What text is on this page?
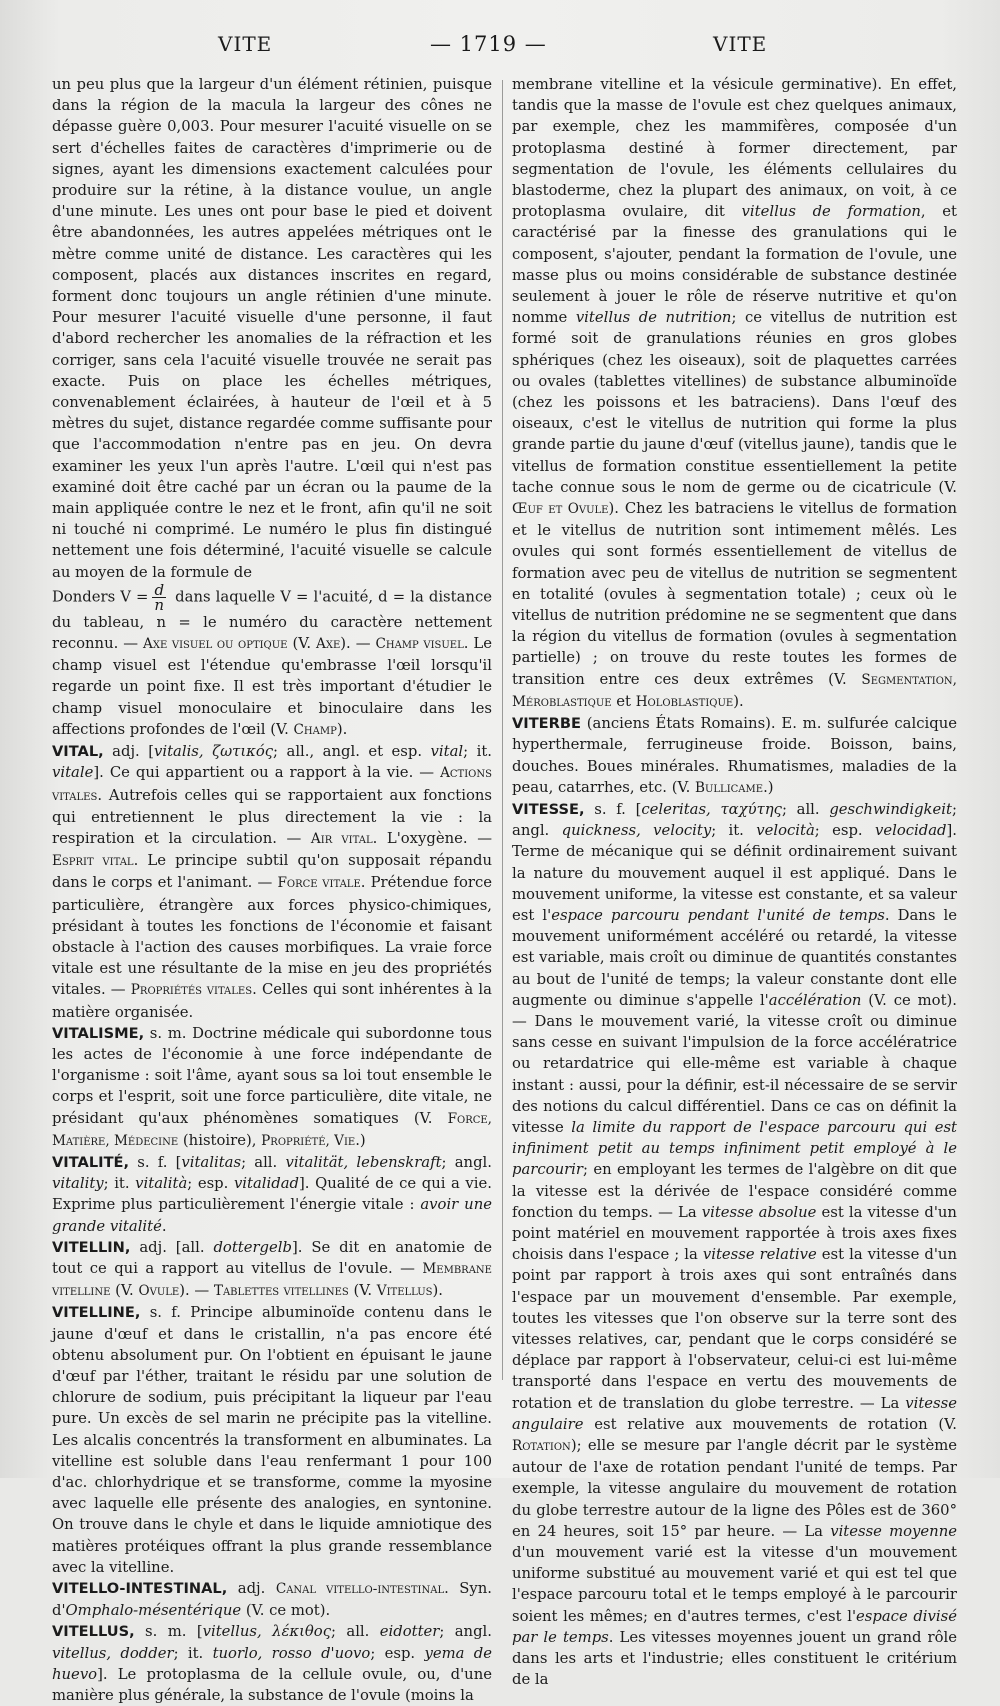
VITE	— 1719 —	VITE

un peu plus que la largeur d'un élément rétinien, puisque dans la région de la macula la largeur des cônes ne dépasse guère 0,003. Pour mesurer l'acuité visuelle on se sert d'échelles faites de caractères d'imprimerie ou de signes, ayant les dimensions exactement calculées pour produire sur la rétine, à la distance voulue, un angle d'une minute. Les unes ont pour base le pied et doivent être abandonnées, les autres appelées métriques ont le mètre comme unité de distance. Les caractères qui les composent, placés aux distances inscrites en regard, forment donc toujours un angle rétinien d'une minute. Pour mesurer l'acuité visuelle d'une personne, il faut d'abord rechercher les anomalies de la réfraction et les corriger, sans cela l'acuité visuelle trouvée ne serait pas exacte. Puis on place les échelles métriques, convenablement éclairées, à hauteur de l'œil et à 5 mètres du sujet, distance regardée comme suffisante pour que l'accommodation n'entre pas en jeu. On devra examiner les yeux l'un après l'autre. L'œil qui n'est pas examiné doit être caché par un écran ou la paume de la main appliquée contre le nez et le front, afin qu'il ne soit ni touché ni comprimé. Le numéro le plus fin distingué nettement une fois déterminé, l'acuité visuelle se calcule au moyen de la formule de

Donders $V = \frac{d}{n}$ dans laquelle V = l'acuité, d = la distance du tableau, n = le numéro du caractère nettement reconnu. — Axe visuel ou optique (V. Axe). — Champ visuel. Le champ visuel est l'étendue qu'embrasse l'œil lorsqu'il regarde un point fixe. Il est très important d'étudier le champ visuel monoculaire et binoculaire dans les affections profondes de l'œil (V. Champ).

VITAL, adj. [vitalis, ζωτικός; all., angl. et esp. vital; it. vitale]. Ce qui appartient ou a rapport à la vie. — Actions vitales. Autrefois celles qui se rapportaient aux fonctions qui entretiennent le plus directement la vie : la respiration et la circulation. — Air vital. L'oxygène. — Esprit vital. Le principe subtil qu'on supposait répandu dans le corps et l'animant. — Force vitale. Prétendue force particulière, étrangère aux forces physico-chimiques, présidant à toutes les fonctions de l'économie et faisant obstacle à l'action des causes morbifiques. La vraie force vitale est une résultante de la mise en jeu des propriétés vitales. — Propriétés vitales. Celles qui sont inhérentes à la matière organisée.

VITALISME, s. m. Doctrine médicale qui subordonne tous les actes de l'économie à une force indépendante de l'organisme : soit l'âme, ayant sous sa loi tout ensemble le corps et l'esprit, soit une force particulière, dite vitale, ne présidant qu'aux phénomènes somatiques (V. Force, Matière, Médecine (histoire), Propriété, Vie.)

VITALITÉ, s. f. [vitalitas; all. vitalität, lebenskraft; angl. vitality; it. vitalità; esp. vitalidad]. Qualité de ce qui a vie. Exprime plus particulièrement l'énergie vitale : avoir une grande vitalité.

VITELLIN, adj. [all. dottergelb]. Se dit en anatomie de tout ce qui a rapport au vitellus de l'ovule. — Membrane vitelline (V. Ovule). — Tablettes vitellines (V. Vitellus).

VITELLINE, s. f. Principe albuminoïde contenu dans le jaune d'œuf et dans le cristallin, n'a pas encore été obtenu absolument pur. On l'obtient en épuisant le jaune d'œuf par l'éther, traitant le résidu par une solution de chlorure de sodium, puis précipitant la liqueur par l'eau pure. Un excès de sel marin ne précipite pas la vitelline. Les alcalis concentrés la transforment en albuminates. La vitelline est soluble dans l'eau renfermant 1 pour 100 d'ac. chlorhydrique et se transforme, comme la myosine avec laquelle elle présente des analogies, en syntonine. On trouve dans le chyle et dans le liquide amniotique des matières protéiques offrant la plus grande ressemblance avec la vitelline.

VITELLO-INTESTINAL, adj. Canal vitello-intestinal. Syn. d'Omphalo-mésentérique (V. ce mot).

VITELLUS, s. m. [vitellus, λέκιθος; all. eidotter; angl. vitellus, dodder; it. tuorlo, rosso d'uovo; esp. yema de huevo]. Le protoplasma de la cellule ovule, ou, d'une manière plus générale, la substance de l'ovule (moins la

membrane vitelline et la vésicule germinative). En effet, tandis que la masse de l'ovule est chez quelques animaux, par exemple, chez les mammifères, composée d'un protoplasma destiné à former directement, par segmentation de l'ovule, les éléments cellulaires du blastoderme, chez la plupart des animaux, on voit, à ce protoplasma ovulaire, dit vitellus de formation, et caractérisé par la finesse des granulations qui le composent, s'ajouter, pendant la formation de l'ovule, une masse plus ou moins considérable de substance destinée seulement à jouer le rôle de réserve nutritive et qu'on nomme vitellus de nutrition; ce vitellus de nutrition est formé soit de granulations réunies en gros globes sphériques (chez les oiseaux), soit de plaquettes carrées ou ovales (tablettes vitellines) de substance albuminoïde (chez les poissons et les batraciens). Dans l'œuf des oiseaux, c'est le vitellus de nutrition qui forme la plus grande partie du jaune d'œuf (vitellus jaune), tandis que le vitellus de formation constitue essentiellement la petite tache connue sous le nom de germe ou de cicatricule (V. Œuf et Ovule). Chez les batraciens le vitellus de formation et le vitellus de nutrition sont intimement mêlés. Les ovules qui sont formés essentiellement de vitellus de formation avec peu de vitellus de nutrition se segmentent en totalité (ovules à segmentation totale) ; ceux où le vitellus de nutrition prédomine ne se segmentent que dans la région du vitellus de formation (ovules à segmentation partielle) ; on trouve du reste toutes les formes de transition entre ces deux extrêmes (V. Segmentation, Méroblastique et Holoblastique).

VITERBE (anciens États Romains). E. m. sulfurée calcique hyperthermale, ferrugineuse froide. Boisson, bains, douches. Boues minérales. Rhumatismes, maladies de la peau, catarrhes, etc. (V. Bullicame.)

VITESSE, s. f. [celeritas, ταχύτης; all. geschwindigkeit; angl. quickness, velocity; it. velocità; esp. velocidad]. Terme de mécanique qui se définit ordinairement suivant la nature du mouvement auquel il est appliqué. Dans le mouvement uniforme, la vitesse est constante, et sa valeur est l'espace parcouru pendant l'unité de temps. Dans le mouvement uniformément accéléré ou retardé, la vitesse est variable, mais croît ou diminue de quantités constantes au bout de l'unité de temps; la valeur constante dont elle augmente ou diminue s'appelle l'accélération (V. ce mot). — Dans le mouvement varié, la vitesse croît ou diminue sans cesse en suivant l'impulsion de la force accélératrice ou retardatrice qui elle-même est variable à chaque instant : aussi, pour la définir, est-il nécessaire de se servir des notions du calcul différentiel. Dans ce cas on définit la vitesse la limite du rapport de l'espace parcouru qui est infiniment petit au temps infiniment petit employé à le parcourir; en employant les termes de l'algèbre on dit que la vitesse est la dérivée de l'espace considéré comme fonction du temps. — La vitesse absolue est la vitesse d'un point matériel en mouvement rapportée à trois axes fixes choisis dans l'espace ; la vitesse relative est la vitesse d'un point par rapport à trois axes qui sont entraînés dans l'espace par un mouvement d'ensemble. Par exemple, toutes les vitesses que l'on observe sur la terre sont des vitesses relatives, car, pendant que le corps considéré se déplace par rapport à l'observateur, celui-ci est lui-même transporté dans l'espace en vertu des mouvements de rotation et de translation du globe terrestre. — La vitesse angulaire est relative aux mouvements de rotation (V. Rotation); elle se mesure par l'angle décrit par le système autour de l'axe de rotation pendant l'unité de temps. Par exemple, la vitesse angulaire du mouvement de rotation du globe terrestre autour de la ligne des Pôles est de 360° en 24 heures, soit 15° par heure. — La vitesse moyenne d'un mouvement varié est la vitesse d'un mouvement uniforme substitué au mouvement varié et qui est tel que l'espace parcouru total et le temps employé à le parcourir soient les mêmes; en d'autres termes, c'est l'espace divisé par le temps. Les vitesses moyennes jouent un grand rôle dans les arts et l'industrie; elles constituent le critérium de la
